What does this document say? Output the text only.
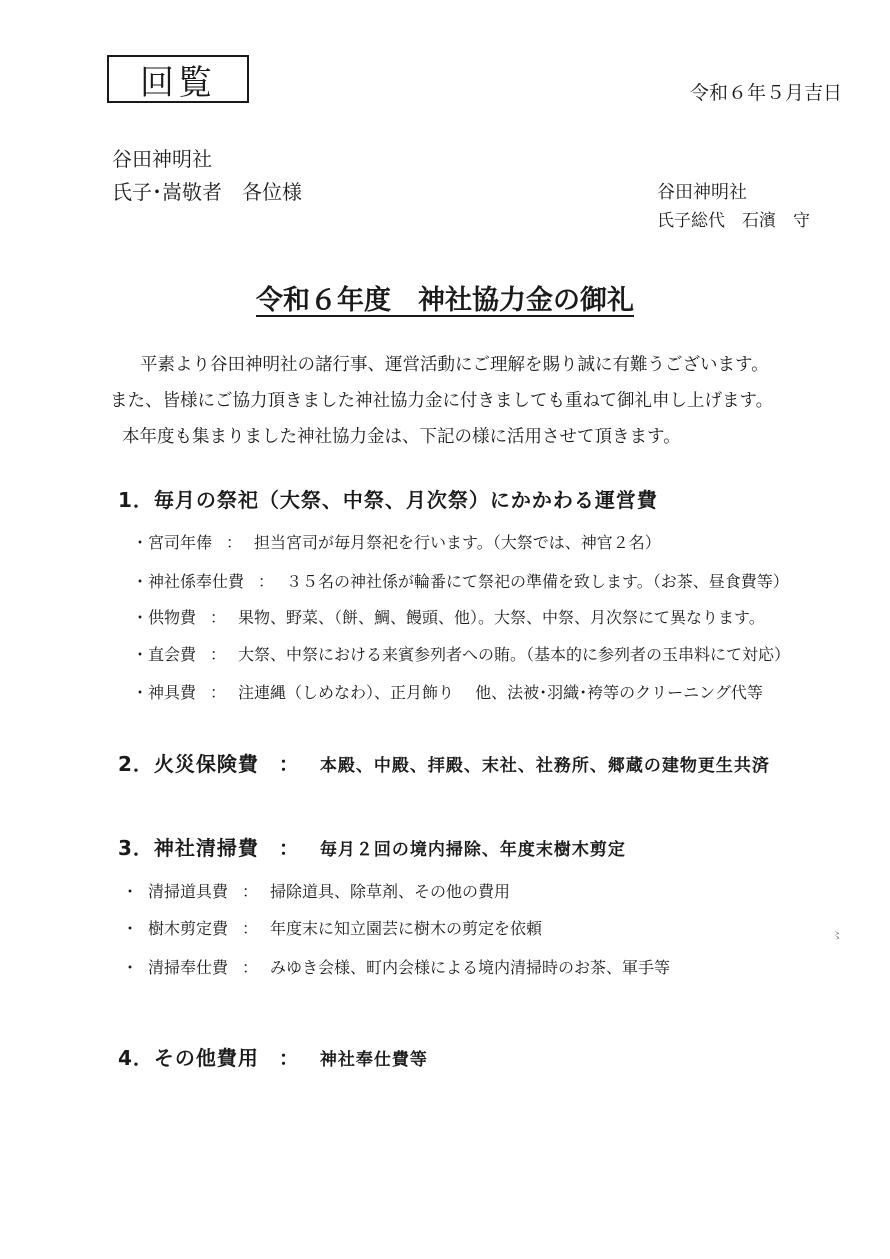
回覧	令和６年５月吉日
谷田神明社
氏子･嵩敬者　各位様	谷田神明社
氏子総代　石濱　守
令和６年度　神社協力金の御礼
平素より谷田神明社の諸行事、運営活動にご理解を賜り誠に有難うございます。
また、皆様にご協力頂きました神社協力金に付きましても重ねて御礼申し上げます。
本年度も集まりました神社協力金は、下記の様に活用させて頂きます。
1．毎月の祭祀（大祭、中祭、月次祭）にかかわる運営費
・宮司年俸 ： 担当宮司が毎月祭祀を行います。（大祭では、神官２名）
・神社係奉仕費 ： ３５名の神社係が輪番にて祭祀の準備を致します。（お茶、昼食費等）
・供物費 ： 果物、野菜、（餅、鯛、饅頭、他）。大祭、中祭、月次祭にて異なります。
・直会費 ： 大祭、中祭における来賓参列者への賄。（基本的に参列者の玉串料にて対応）
・神具費 ： 注連縄（しめなわ）、正月飾り　 他、法被･羽織･袴等のクリーニング代等
2．火災保険費 ： 本殿、中殿、拝殿、末社、社務所、郷蔵の建物更生共済
3．神社清掃費 ： 毎月２回の境内掃除、年度末樹木剪定
・ 清掃道具費 ： 掃除道具、除草剤、その他の費用
・ 樹木剪定費 ： 年度末に知立園芸に樹木の剪定を依頼
・ 清掃奉仕費 ： みゆき会様、町内会様による境内清掃時のお茶、軍手等
4．その他費用 ： 神社奉仕費等
〻
